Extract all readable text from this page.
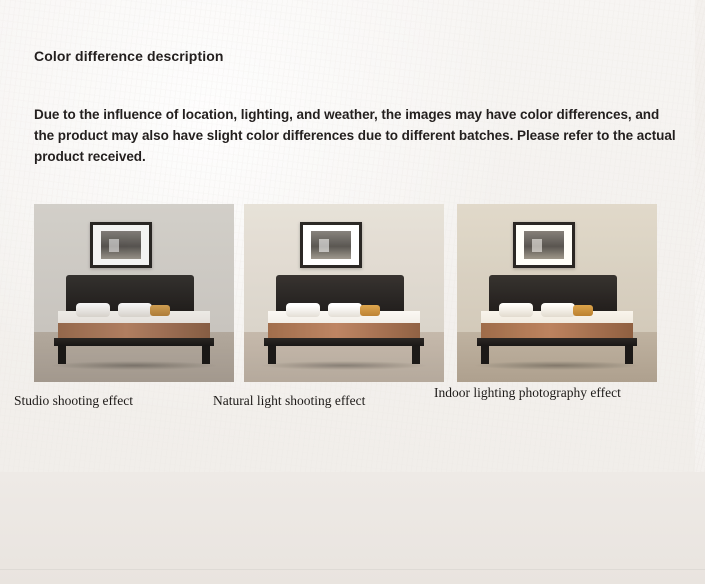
Color difference description
Due to the influence of location, lighting, and weather, the images may have color differences, and the product may also have slight color differences due to different batches. Please refer to the actual product received.
Studio shooting effect	Natural light shooting effect
Indoor lighting photography effect
